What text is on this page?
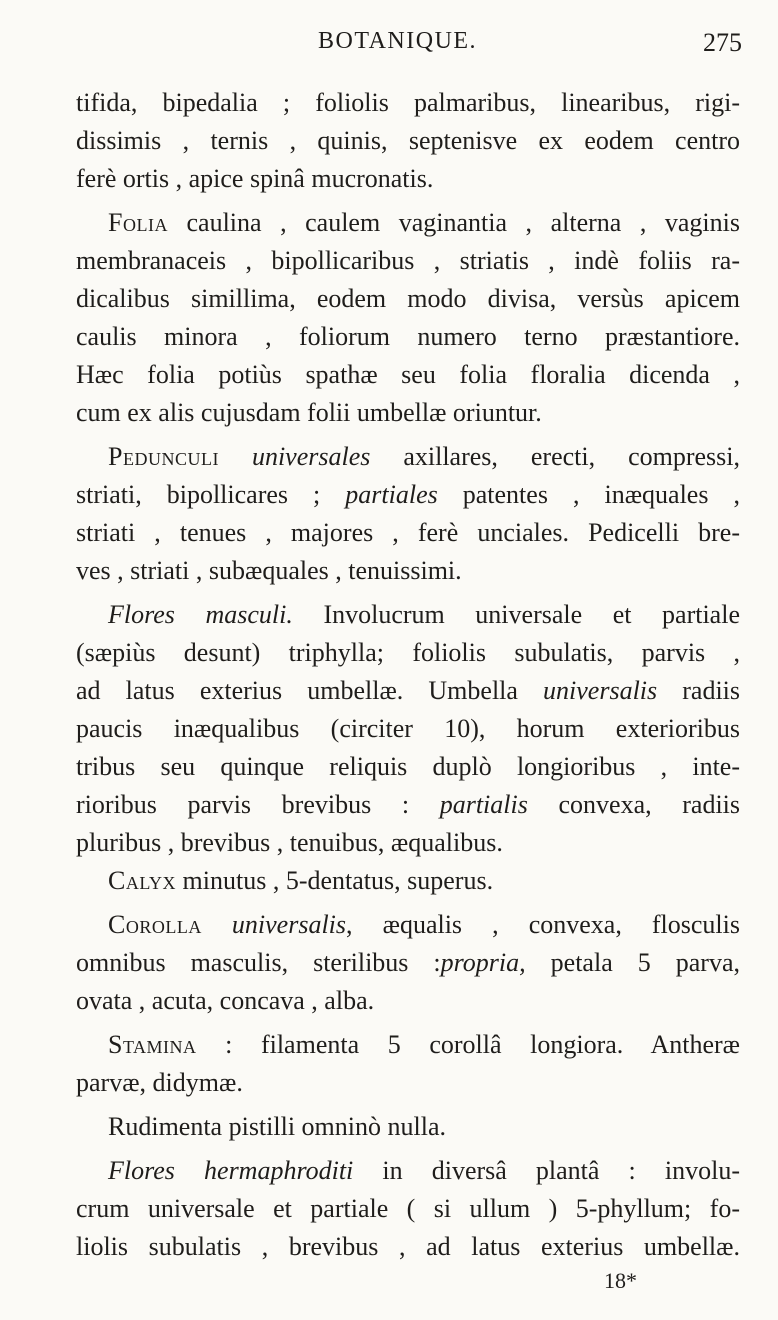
BOTANIQUE.	275
tifida, bipedalia ; foliolis palmaribus, linearibus, rigi-
dissimis , ternis , quinis, septenisve ex eodem centro
ferè ortis , apice spinâ mucronatis.
Folia caulina , caulem vaginantia , alterna , vaginis
membranaceis , bipollicaribus , striatis , indè foliis ra-
dicalibus simillima, eodem modo divisa, versùs apicem
caulis minora , foliorum numero terno præstantiore.
Hæc folia potiùs spathæ seu folia floralia dicenda ,
cum ex alis cujusdam folii umbellæ oriuntur.
Pedunculi universales axillares, erecti, compressi,
striati, bipollicares ; partiales patentes , inæquales ,
striati , tenues , majores , ferè unciales. Pedicelli bre-
ves , striati , subæquales , tenuissimi.
Flores masculi. Involucrum universale et partiale
(sæpiùs desunt) triphylla; foliolis subulatis, parvis ,
ad latus exterius umbellæ. Umbella universalis radiis
paucis inæqualibus (circiter 10), horum exterioribus
tribus seu quinque reliquis duplò longioribus , inte-
rioribus parvis brevibus : partialis convexa, radiis
pluribus , brevibus , tenuibus, æqualibus.
Calyx minutus , 5-dentatus, superus.
Corolla universalis, æqualis , convexa, flosculis
omnibus masculis, sterilibus :propria, petala 5 parva,
ovata , acuta, concava , alba.
Stamina : filamenta 5 corollâ longiora. Antheræ
parvæ, didymæ.
Rudimenta pistilli omninò nulla.
Flores hermaphroditi in diversâ plantâ : involu-
crum universale et partiale ( si ullum ) 5-phyllum; fo-
liolis subulatis , brevibus , ad latus exterius umbellæ.
18*
